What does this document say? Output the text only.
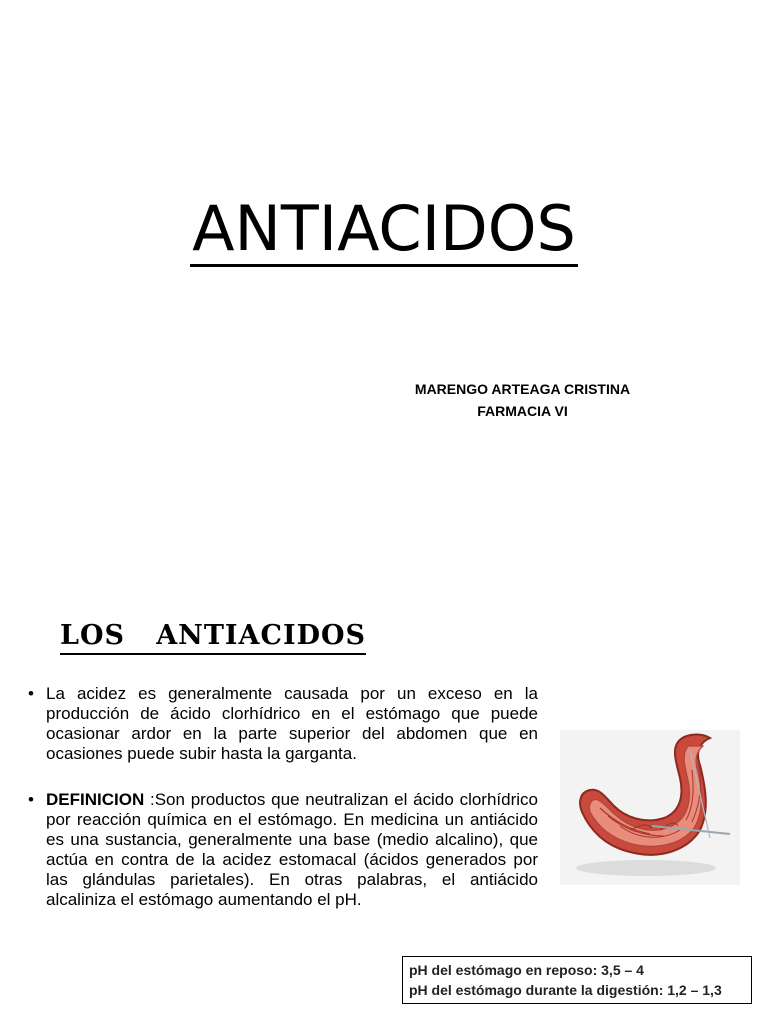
ANTIACIDOS
MARENGO ARTEAGA CRISTINA
FARMACIA VI
LOS   ANTIACIDOS
• La acidez es generalmente causada por un exceso en la producción de ácido clorhídrico en el estómago que puede ocasionar ardor en la parte superior del abdomen que en ocasiones puede subir hasta la garganta.
• DEFINICION :Son productos que neutralizan el ácido clorhídrico por reacción química en el estómago. En medicina un antiácido es una sustancia, generalmente una base (medio alcalino), que actúa en contra de la acidez estomacal (ácidos generados por las glándulas parietales). En otras palabras, el antiácido alcaliniza el estómago aumentando el pH.
pH del estómago en reposo: 3,5 – 4
pH del estómago durante la digestión: 1,2 – 1,3
